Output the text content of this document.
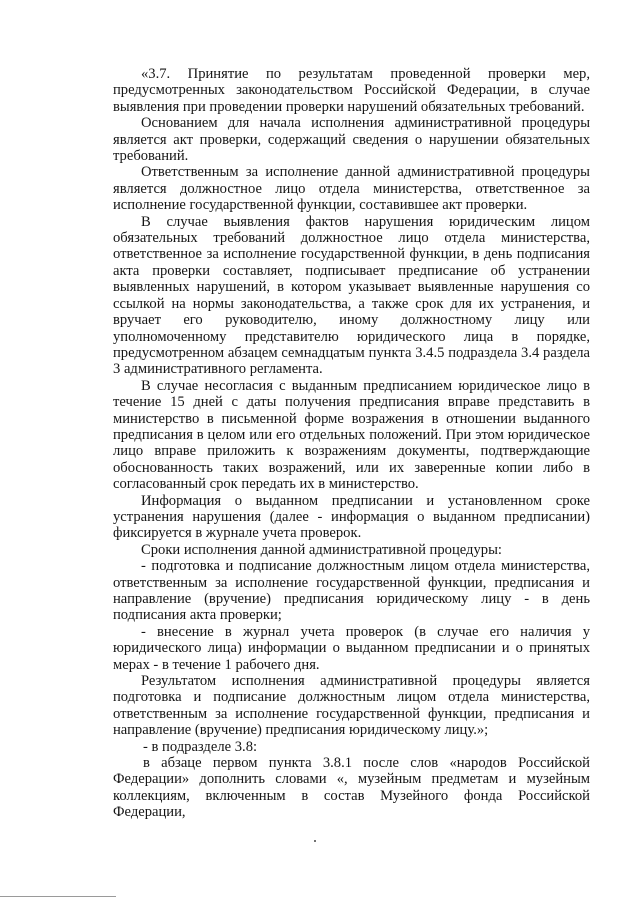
«3.7. Принятие по результатам проведенной проверки мер, предусмотренных законодательством Российской Федерации, в случае выявления при проведении проверки нарушений обязательных требований.

Основанием для начала исполнения административной процедуры является акт проверки, содержащий сведения о нарушении обязательных требований.

Ответственным за исполнение данной административной процедуры является должностное лицо отдела министерства, ответственное за исполнение государственной функции, составившее акт проверки.

В случае выявления фактов нарушения юридическим лицом обязательных требований должностное лицо отдела министерства, ответственное за исполнение государственной функции, в день подписания акта проверки составляет, подписывает предписание об устранении выявленных нарушений, в котором указывает выявленные нарушения со ссылкой на нормы законодательства, а также срок для их устранения, и вручает его руководителю, иному должностному лицу или уполномоченному представителю юридического лица в порядке, предусмотренном абзацем семнадцатым пункта 3.4.5 подраздела 3.4 раздела 3 административного регламента.

В случае несогласия с выданным предписанием юридическое лицо в течение 15 дней с даты получения предписания вправе представить в министерство в письменной форме возражения в отношении выданного предписания в целом или его отдельных положений. При этом юридическое лицо вправе приложить к возражениям документы, подтверждающие обоснованность таких возражений, или их заверенные копии либо в согласованный срок передать их в министерство.

Информация о выданном предписании и установленном сроке устранения нарушения (далее - информация о выданном предписании) фиксируется в журнале учета проверок.

Сроки исполнения данной административной процедуры:

- подготовка и подписание должностным лицом отдела министерства, ответственным за исполнение государственной функции, предписания и направление (вручение) предписания юридическому лицу - в день подписания акта проверки;

- внесение в журнал учета проверок (в случае его наличия у юридического лица) информации о выданном предписании и о принятых мерах - в течение 1 рабочего дня.

Результатом исполнения административной процедуры является подготовка и подписание должностным лицом отдела министерства, ответственным за исполнение государственной функции, предписания и направление (вручение) предписания юридическому лицу.»;

- в подразделе 3.8:

в абзаце первом пункта 3.8.1 после слов «народов Российской Федерации» дополнить словами «, музейным предметам и музейным коллекциям, включенным в состав Музейного фонда Российской Федерации,
